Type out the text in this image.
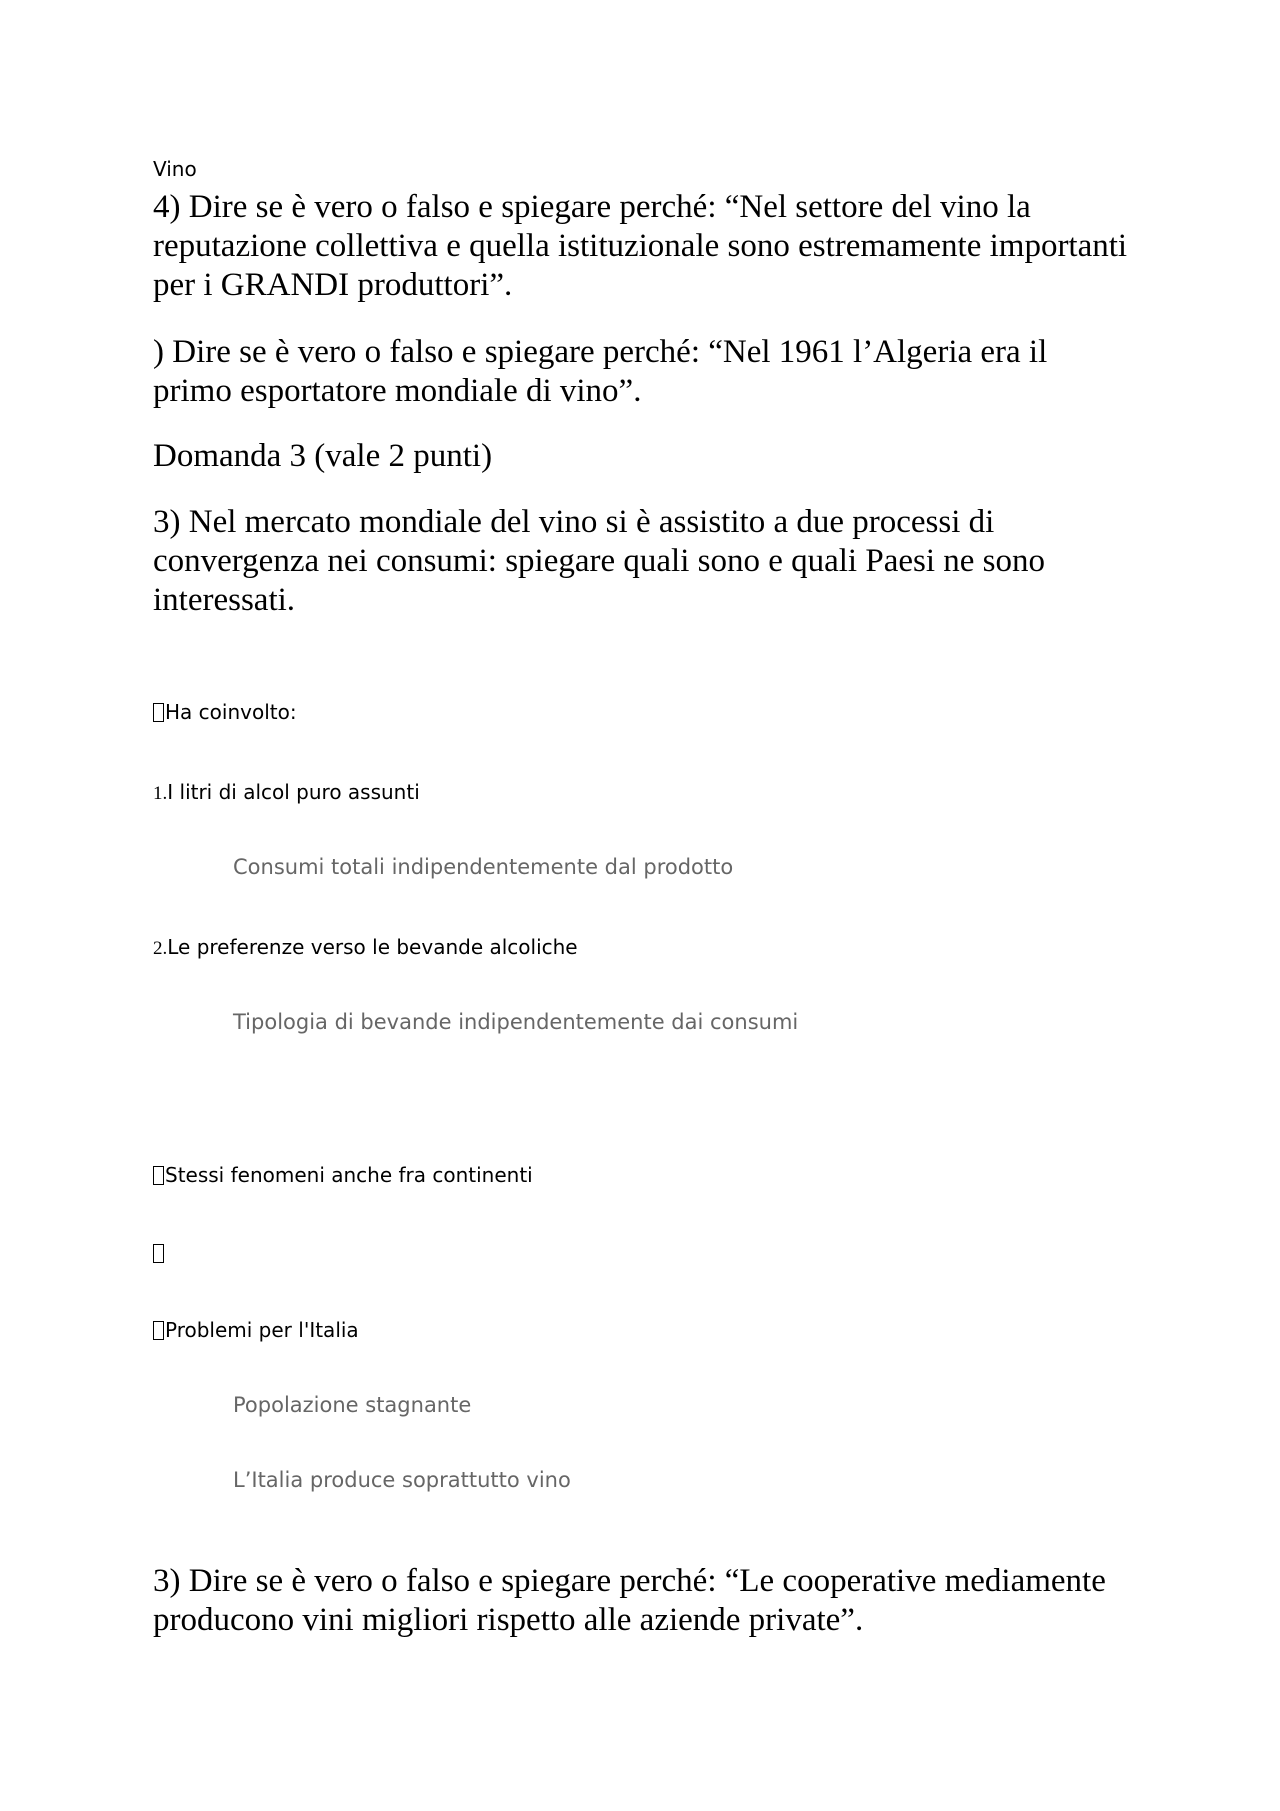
Vino
4) Dire se è vero o falso e spiegare perché: “Nel settore del vino la reputazione collettiva e quella istituzionale sono estremamente importanti per i GRANDI produttori”.
) Dire se è vero o falso e spiegare perché: “Nel 1961 l’Algeria era il primo esportatore mondiale di vino”.
Domanda 3 (vale 2 punti)
3) Nel mercato mondiale del vino si è assistito a due processi di convergenza nei consumi: spiegare quali sono e quali Paesi ne sono interessati.
Ha coinvolto:
1.I litri di alcol puro assunti
Consumi totali indipendentemente dal prodotto
2.Le preferenze verso le bevande alcoliche
Tipologia di bevande indipendentemente dai consumi
Stessi fenomeni anche fra continenti
Problemi per l'Italia
Popolazione stagnante
L’Italia produce soprattutto vino
3) Dire se è vero o falso e spiegare perché: “Le cooperative mediamente producono vini migliori rispetto alle aziende private”.
